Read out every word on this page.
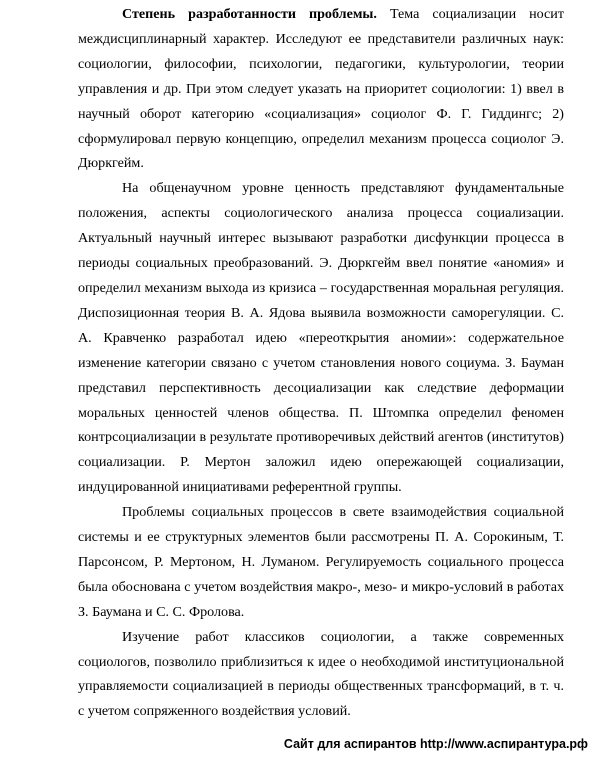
Степень разработанности проблемы. Тема социализации носит междисциплинарный характер. Исследуют ее представители различных наук: социологии, философии, психологии, педагогики, культурологии, теории управления и др. При этом следует указать на приоритет социологии: 1) ввел в научный оборот категорию «социализация» социолог Ф. Г. Гиддингс; 2) сформулировал первую концепцию, определил механизм процесса социолог Э. Дюркгейм.

На общенаучном уровне ценность представляют фундаментальные положения, аспекты социологического анализа процесса социализации. Актуальный научный интерес вызывают разработки дисфункции процесса в периоды социальных преобразований. Э. Дюркгейм ввел понятие «аномия» и определил механизм выхода из кризиса – государственная моральная регуляция. Диспозиционная теория В. А. Ядова выявила возможности саморегуляции. С. А. Кравченко разработал идею «переоткрытия аномии»: содержательное изменение категории связано с учетом становления нового социума. З. Бауман представил перспективность десоциализации как следствие деформации моральных ценностей членов общества. П. Штомпка определил феномен контрсоциализации в результате противоречивых действий агентов (институтов) социализации. Р. Мертон заложил идею опережающей социализации, индуцированной инициативами референтной группы.

Проблемы социальных процессов в свете взаимодействия социальной системы и ее структурных элементов были рассмотрены П. А. Сорокиным, Т. Парсонсом, Р. Мертоном, Н. Луманом. Регулируемость социального процесса была обоснована с учетом воздействия макро-, мезо- и микро-условий в работах З. Баумана и С. С. Фролова.

Изучение работ классиков социологии, а также современных социологов, позволило приблизиться к идее о необходимой институциональной управляемости социализацией в периоды общественных трансформаций, в т. ч. с учетом сопряженного воздействия условий.

Сайт для аспирантов http://www.аспирантура.рф
